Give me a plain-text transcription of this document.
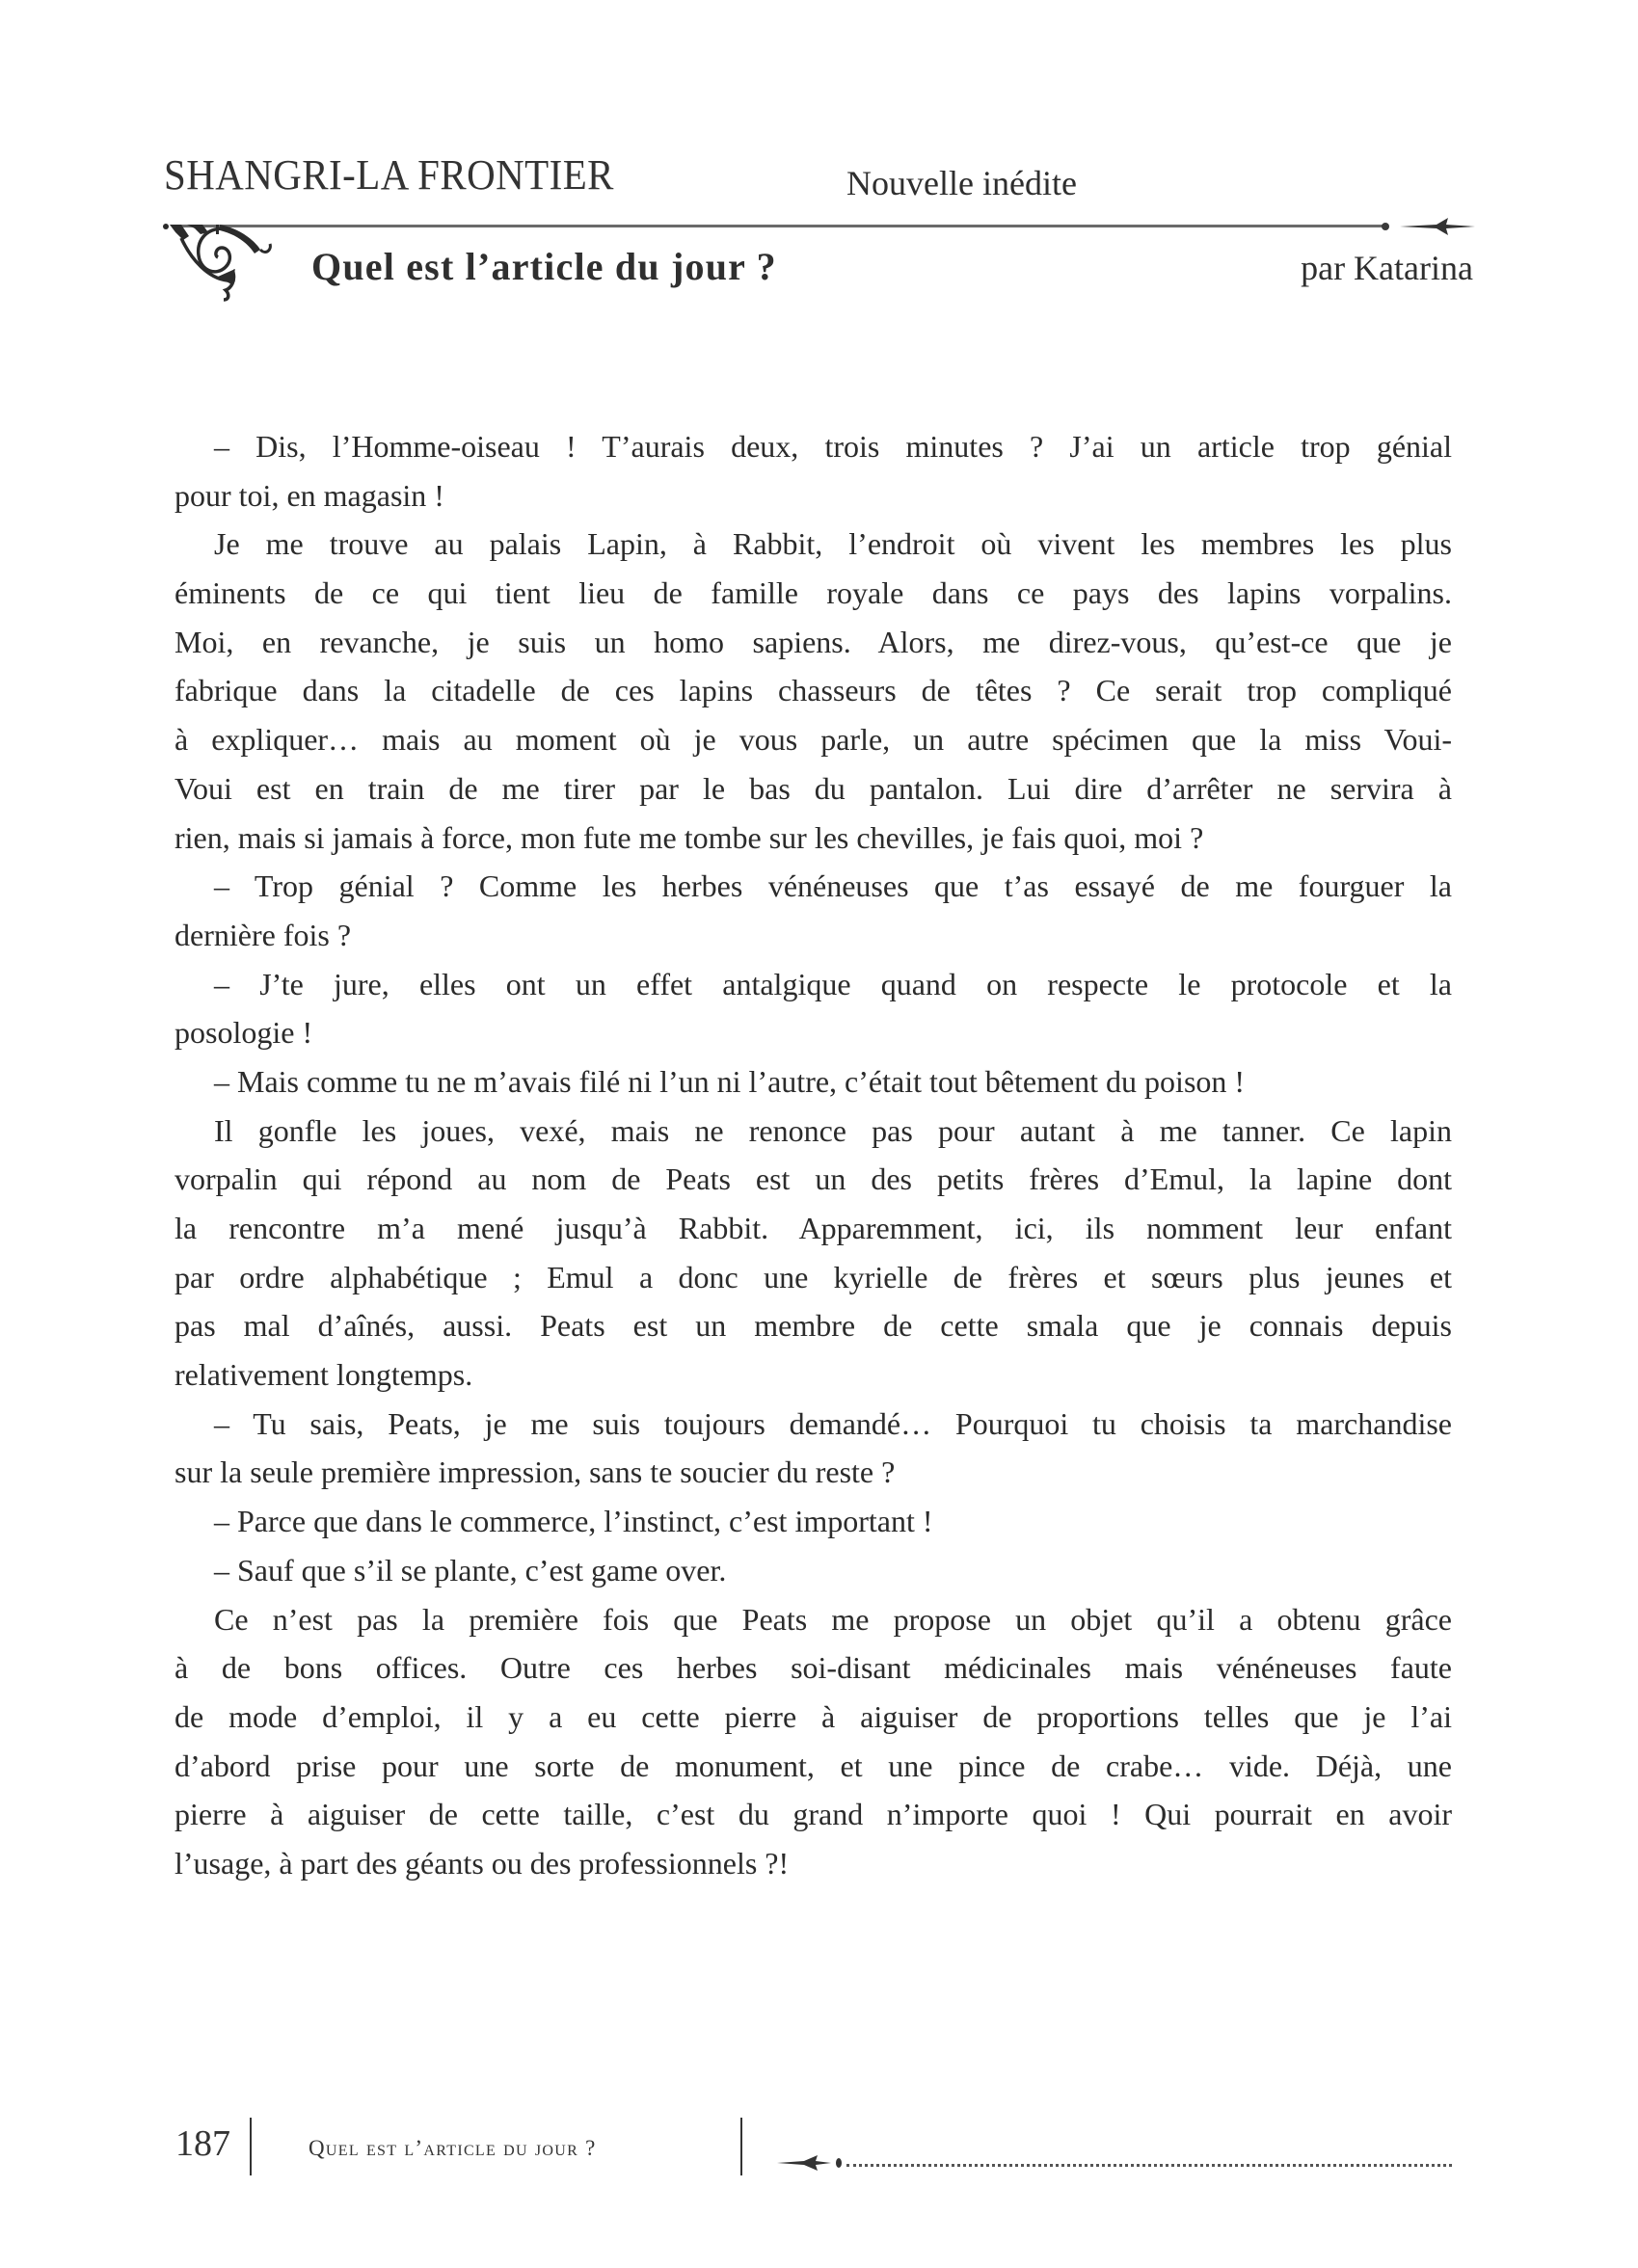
SHANGRI-LA FRONTIER	Nouvelle inédite
Quel est l’article du jour ?	par Katarina
– Dis, l’Homme-oiseau ! T’aurais deux, trois minutes ? J’ai un article trop génial
pour toi, en magasin !
Je me trouve au palais Lapin, à Rabbit, l’endroit où vivent les membres les plus
éminents de ce qui tient lieu de famille royale dans ce pays des lapins vorpalins.
Moi, en revanche, je suis un homo sapiens. Alors, me direz-vous, qu’est-ce que je
fabrique dans la citadelle de ces lapins chasseurs de têtes ? Ce serait trop compliqué
à expliquer… mais au moment où je vous parle, un autre spécimen que la miss Voui-
Voui est en train de me tirer par le bas du pantalon. Lui dire d’arrêter ne servira à
rien, mais si jamais à force, mon fute me tombe sur les chevilles, je fais quoi, moi ?
– Trop génial ? Comme les herbes vénéneuses que t’as essayé de me fourguer la
dernière fois ?
– J’te jure, elles ont un effet antalgique quand on respecte le protocole et la
posologie !
– Mais comme tu ne m’avais filé ni l’un ni l’autre, c’était tout bêtement du poison !
Il gonfle les joues, vexé, mais ne renonce pas pour autant à me tanner. Ce lapin
vorpalin qui répond au nom de Peats est un des petits frères d’Emul, la lapine dont
la rencontre m’a mené jusqu’à Rabbit. Apparemment, ici, ils nomment leur enfant
par ordre alphabétique ; Emul a donc une kyrielle de frères et sœurs plus jeunes et
pas mal d’aînés, aussi. Peats est un membre de cette smala que je connais depuis
relativement longtemps.
– Tu sais, Peats, je me suis toujours demandé… Pourquoi tu choisis ta marchandise
sur la seule première impression, sans te soucier du reste ?
– Parce que dans le commerce, l’instinct, c’est important !
– Sauf que s’il se plante, c’est game over.
Ce n’est pas la première fois que Peats me propose un objet qu’il a obtenu grâce
à de bons offices. Outre ces herbes soi-disant médicinales mais vénéneuses faute
de mode d’emploi, il y a eu cette pierre à aiguiser de proportions telles que je l’ai
d’abord prise pour une sorte de monument, et une pince de crabe… vide. Déjà, une
pierre à aiguiser de cette taille, c’est du grand n’importe quoi ! Qui pourrait en avoir
l’usage, à part des géants ou des professionnels ?!
187	Quel est l’article du jour ?
